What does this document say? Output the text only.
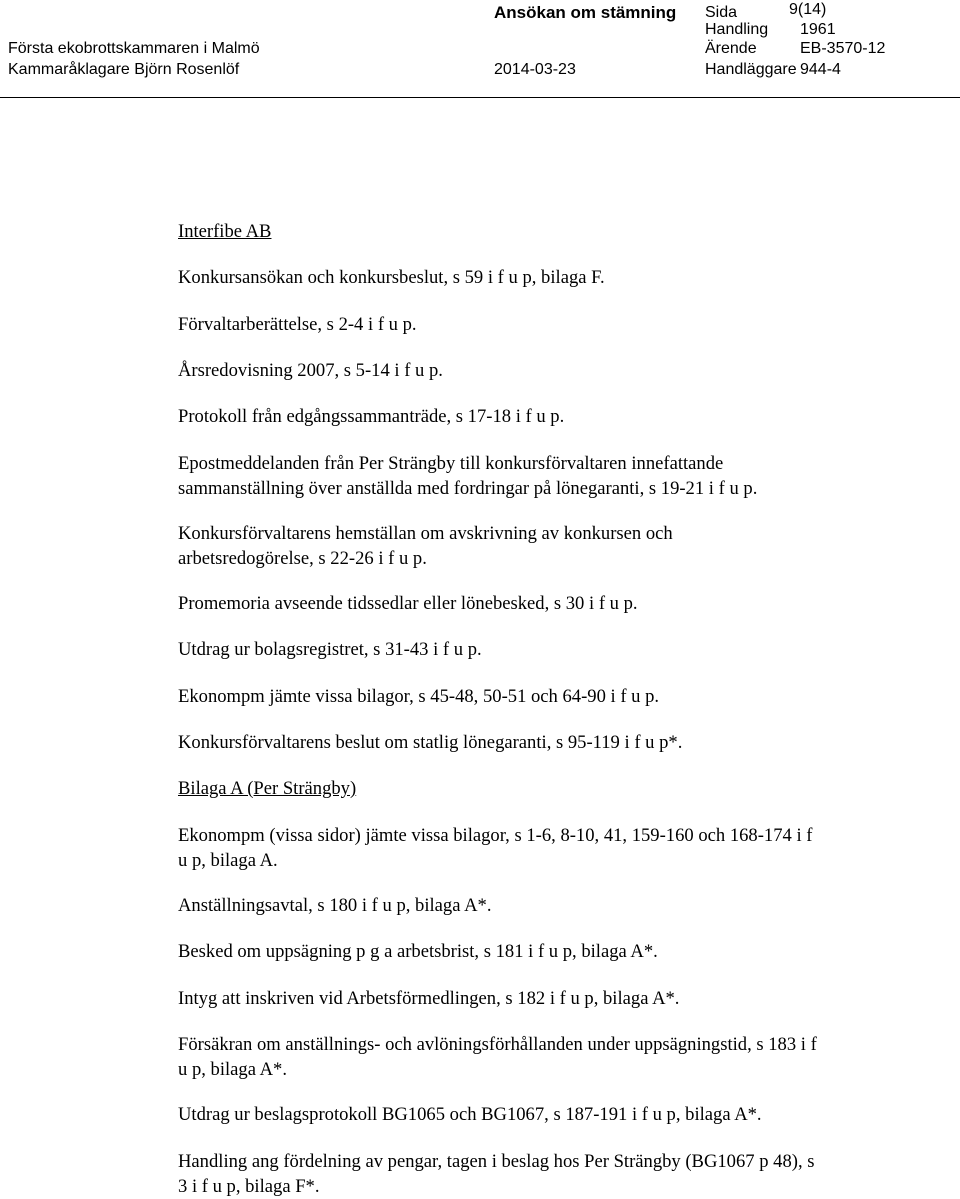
Ansökan om stämning
Första ekobrottskammaren i Malmö
Kammaråklagare Björn Rosenlöf	2014-03-23
Sida	9(14)
Handling 1961
Ärende	EB-3570-12
Handläggare 944-4
Interfibe AB
Konkursansökan och konkursbeslut, s 59 i f u p, bilaga F.
Förvaltarberättelse, s 2-4 i f u p.
Årsredovisning 2007, s 5-14 i f u p.
Protokoll från edgångssammanträde, s 17-18 i f u p.
Epostmeddelanden från Per Strängby till konkursförvaltaren innefattande sammanställning över anställda med fordringar på lönegaranti, s 19-21 i f u p.
Konkursförvaltarens hemställan om avskrivning av konkursen och arbetsredogörelse, s 22-26 i f u p.
Promemoria avseende tidssedlar eller lönebesked, s 30 i f u p.
Utdrag ur bolagsregistret, s 31-43 i f u p.
Ekonompm jämte vissa bilagor, s 45-48, 50-51 och 64-90 i f u p.
Konkursförvaltarens beslut om statlig lönegaranti, s 95-119 i f u p*.
Bilaga A (Per Strängby)
Ekonompm (vissa sidor) jämte vissa bilagor, s 1-6, 8-10, 41, 159-160 och 168-174 i f u p, bilaga A.
Anställningsavtal, s 180 i f u p, bilaga A*.
Besked om uppsägning p g a arbetsbrist, s 181 i f u p, bilaga A*.
Intyg att inskriven vid Arbetsförmedlingen, s 182 i f u p, bilaga A*.
Försäkran om anställnings- och avlöningsförhållanden under uppsägningstid, s 183 i f u p, bilaga A*.
Utdrag ur beslagsprotokoll BG1065 och BG1067, s 187-191 i f u p, bilaga A*.
Handling ang fördelning av pengar, tagen i beslag hos Per Strängby (BG1067 p 48), s 3 i f u p, bilaga F*.
